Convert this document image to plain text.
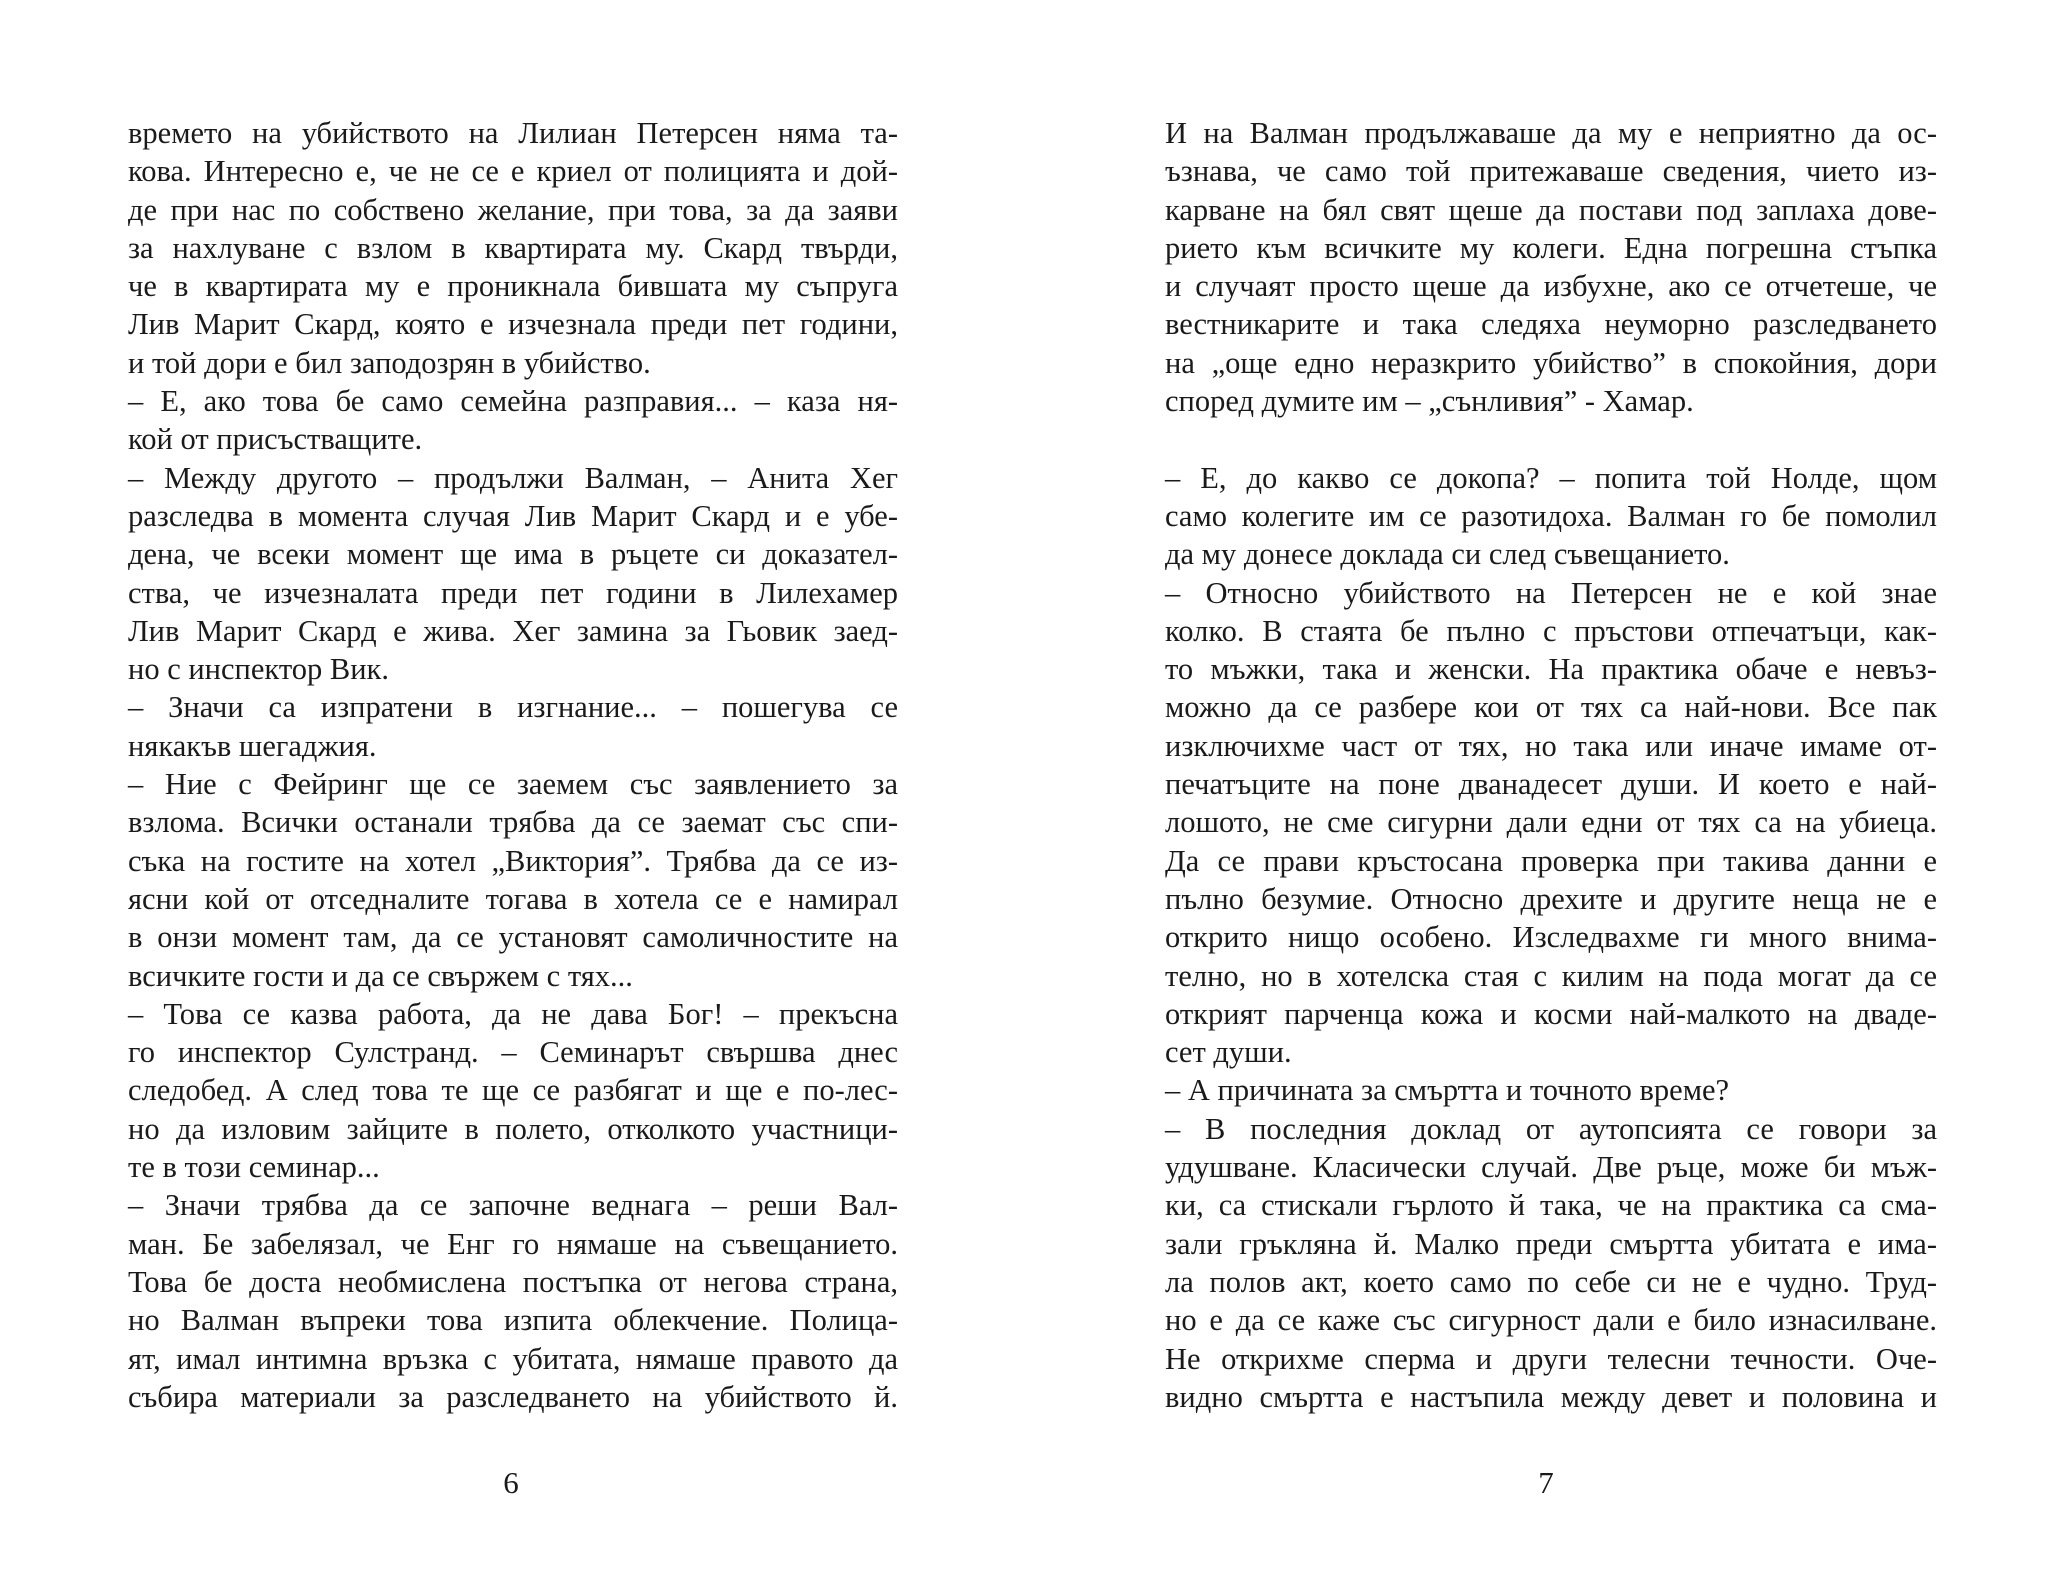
времето на убийството на Лилиан Петерсен няма та-
кова. Интересно е, че не се е криел от полицията и дой-
де при нас по собствено желание, при това, за да заяви
за нахлуване с взлом в квартирата му. Скард твърди,
че в квартирата му е проникнала бившата му съпруга
Лив Марит Скард, която е изчезнала преди пет години,
и той дори е бил заподозрян в убийство.
– Е, ако това бе само семейна разправия... – каза ня-
кой от присъстващите.
– Между другото – продължи Валман, – Анита Хег
разследва в момента случая Лив Марит Скард и е убе-
дена, че всеки момент ще има в ръцете си доказател-
ства, че изчезналата преди пет години в Лилехамер
Лив Марит Скард е жива. Хег замина за Гьовик заед-
но с инспектор Вик.
– Значи са изпратени в изгнание... – пошегува се
някакъв шегаджия.
– Ние с Фейринг ще се заемем със заявлението за
взлома. Всички останали трябва да се заемат със спи-
съка на гостите на хотел „Виктория”. Трябва да се из-
ясни кой от отседналите тогава в хотела се е намирал
в онзи момент там, да се установят самоличностите на
всичките гости и да се свържем с тях...
– Това се казва работа, да не дава Бог! – прекъсна
го инспектор Сулстранд. – Семинарът свършва днес
следобед. А след това те ще се разбягат и ще е по-лес-
но да изловим зайците в полето, отколкото участници-
те в този семинар...
– Значи трябва да се започне веднага – реши Вал-
ман. Бе забелязал, че Енг го нямаше на съвещанието.
Това бе доста необмислена постъпка от негова страна,
но Валман въпреки това изпита облекчение. Полицa-
ят, имал интимна връзка с убитата, нямаше правото да
събира материали за разследването на убийството й.
6
И на Валман продължаваше да му е неприятно да ос-
ъзнава, че само той притежаваше сведения, чието из-
карване на бял свят щеше да постави под заплаха дове-
рието към всичките му колеги. Една погрешна стъпка
и случаят просто щеше да избухне, ако се отчетеше, че
вестникарите и така следяха неуморно разследването
на „още едно неразкрито убийство” в спокойния, дори
според думите им – „сънливия” - Хамар.
– Е, до какво се докопа? – попита той Нолде, щом
само колегите им се разотидоха. Валман го бе помолил
да му донесе доклада си след съвещанието.
– Относно убийството на Петерсен не е кой знае
колко. В стаята бе пълно с пръстови отпечатъци, как-
то мъжки, така и женски. На практика обаче е невъз-
можно да се разбере кои от тях са най-нови. Все пак
изключихме част от тях, но така или иначе имаме от-
печатъците на поне дванадесет души. И което е най-
лошото, не сме сигурни дали едни от тях са на убиеца.
Да се прави кръстосана проверка при такива данни е
пълно безумие. Относно дрехите и другите неща не е
открито нищо особено. Изследвахме ги много внима-
телно, но в хотелска стая с килим на пода могат да се
открият парченца кожа и косми най-малкото на двадe-
сет души.
– А причината за смъртта и точното време?
– В последния доклад от аутопсията се говори за
удушване. Класически случай. Две ръце, може би мъж-
ки, са стискали гърлото й така, че на практика са сма-
зали гръкляна й. Малко преди смъртта убитата е има-
ла полов акт, което само по себе си не е чудно. Труд-
но е да се каже със сигурност дали е било изнасилване.
Не открихме сперма и други телесни течности. Оче-
видно смъртта е настъпила между девет и половина и
7
